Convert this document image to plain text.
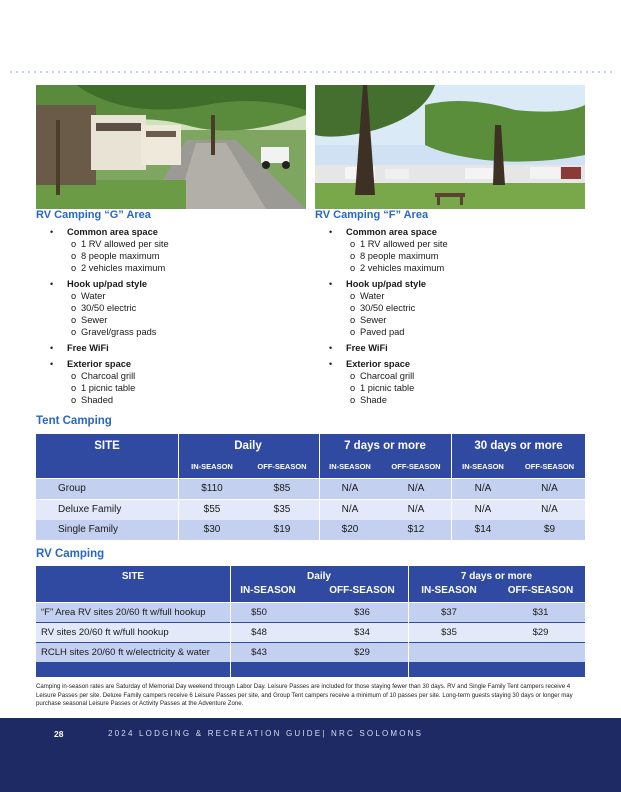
RV Camping “G” Area	RV Camping “F” Area
• Common area space
o 1 RV allowed per site
o 8 people maximum
o 2 vehicles maximum
• Hook up/pad style
o Water
o 30/50 electric
o Sewer
o Gravel/grass pads
• Free WiFi
• Exterior space
o Charcoal grill
o 1 picnic table
o Shaded
• Common area space
o 1 RV allowed per site
o 8 people maximum
o 2 vehicles maximum
• Hook up/pad style
o Water
o 30/50 electric
o Sewer
o Paved pad
• Free WiFi
• Exterior space
o Charcoal grill
o 1 picnic table
o Shade
Tent Camping
SITE	Daily	7 days or more	30 days or more
IN-SEASON	OFF-SEASON	IN-SEASON	OFF-SEASON	IN-SEASON	OFF-SEASON
Group	$110	$85	N/A	N/A	N/A	N/A
Deluxe Family	$55	$35	N/A	N/A	N/A	N/A
Single Family	$30	$19	$20	$12	$14	$9
RV Camping
SITE	Daily	7 days or more
IN-SEASON	OFF-SEASON	IN-SEASON	OFF-SEASON
“F” Area RV sites 20/60 ft w/full hookup	$50	$36	$37	$31
RV sites 20/60 ft w/full hookup	$48	$34	$35	$29
RCLH sites 20/60 ft w/electricity & water	$43	$29
Camping in-season rates are Saturday of Memorial Day weekend through Labor Day. Leisure Passes are included for those staying fewer than 30 days. RV and Single Family Tent campers receive 4 Leisure Passes per site. Deluxe Family campers receive 6 Leisure Passes per site, and Group Tent campers receive a minimum of 10 passes per site. Long-term guests staying 30 days or longer may purchase seasonal Leisure Passes or Activity Passes at the Adventure Zone.
28	2024 LODGING & RECREATION GUIDE| NRC SOLOMONS
